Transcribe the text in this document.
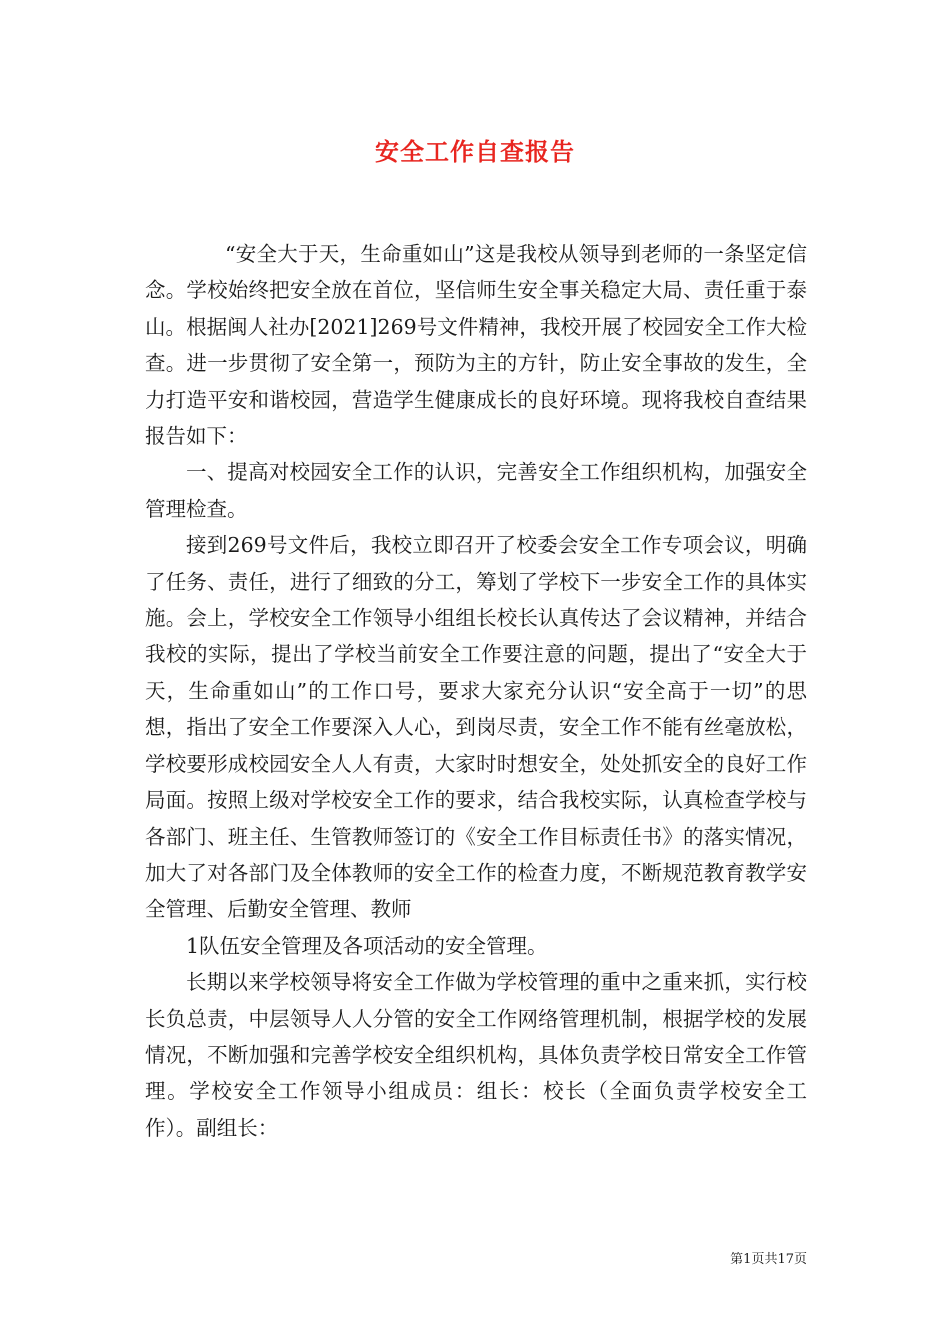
安全工作自查报告

“安全大于天，生命重如山”这是我校从领导到老师的一条坚定信念。学校始终把安全放在首位，坚信师生安全事关稳定大局、责任重于泰山。根据闽人社办[2021]269号文件精神，我校开展了校园安全工作大检查。进一步贯彻了安全第一，预防为主的方针，防止安全事故的发生，全力打造平安和谐校园，营造学生健康成长的良好环境。现将我校自查结果报告如下：

一、提高对校园安全工作的认识，完善安全工作组织机构，加强安全管理检查。

接到269号文件后，我校立即召开了校委会安全工作专项会议，明确了任务、责任，进行了细致的分工，筹划了学校下一步安全工作的具体实施。会上，学校安全工作领导小组组长校长认真传达了会议精神，并结合我校的实际，提出了学校当前安全工作要注意的问题，提出了“安全大于天，生命重如山”的工作口号，要求大家充分认识“安全高于一切”的思想，指出了安全工作要深入人心，到岗尽责，安全工作不能有丝毫放松，学校要形成校园安全人人有责，大家时时想安全，处处抓安全的良好工作局面。按照上级对学校安全工作的要求，结合我校实际，认真检查学校与各部门、班主任、生管教师签订的《安全工作目标责任书》的落实情况，加大了对各部门及全体教师的安全工作的检查力度，不断规范教育教学安全管理、后勤安全管理、教师

1队伍安全管理及各项活动的安全管理。

长期以来学校领导将安全工作做为学校管理的重中之重来抓，实行校长负总责，中层领导人人分管的安全工作网络管理机制，根据学校的发展情况，不断加强和完善学校安全组织机构，具体负责学校日常安全工作管理。学校安全工作领导小组成员：组长：校长（全面负责学校安全工作）。副组长：

第1页共17页
